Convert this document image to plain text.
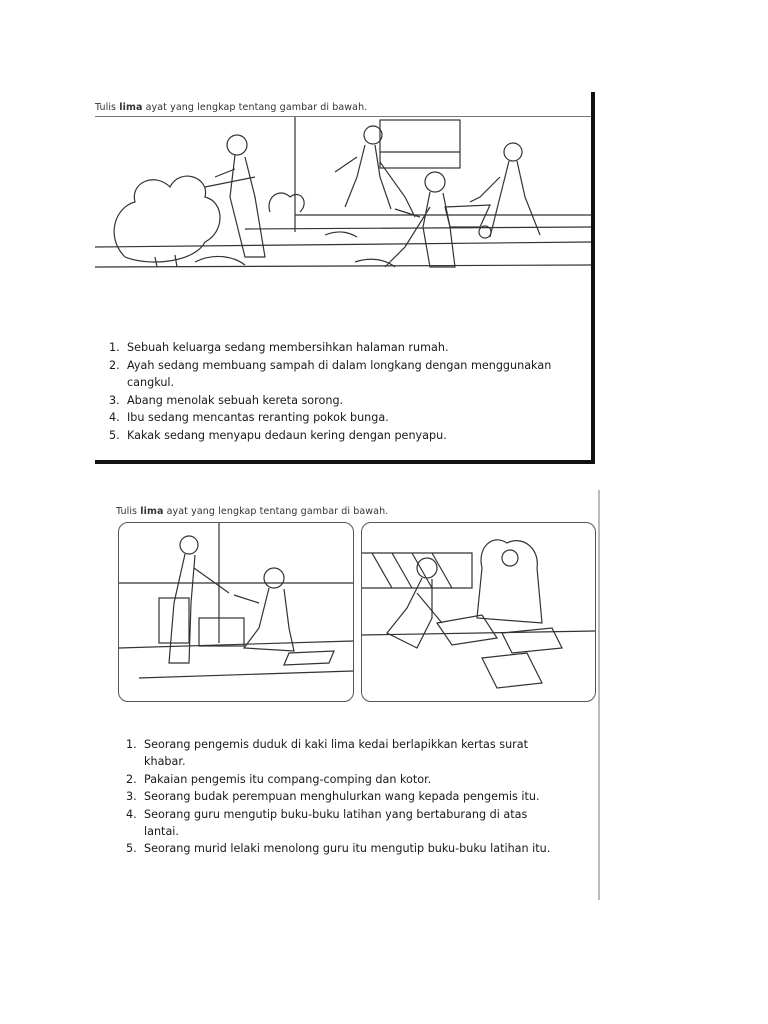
Tulis lima ayat yang lengkap tentang gambar di bawah.
1. Sebuah keluarga sedang membersihkan halaman rumah.
2. Ayah sedang membuang sampah di dalam longkang dengan menggunakan cangkul.
3. Abang menolak sebuah kereta sorong.
4. Ibu sedang mencantas reranting pokok bunga.
5. Kakak sedang menyapu dedaun kering dengan penyapu.
Tulis lima ayat yang lengkap tentang gambar di bawah.
1. Seorang pengemis duduk di kaki lima kedai berlapikkan kertas surat khabar.
2. Pakaian pengemis itu compang-comping dan kotor.
3. Seorang budak perempuan menghulurkan wang kepada pengemis itu.
4. Seorang guru mengutip buku-buku latihan yang bertaburang di atas lantai.
5. Seorang murid lelaki menolong guru itu mengutip buku-buku latihan itu.
